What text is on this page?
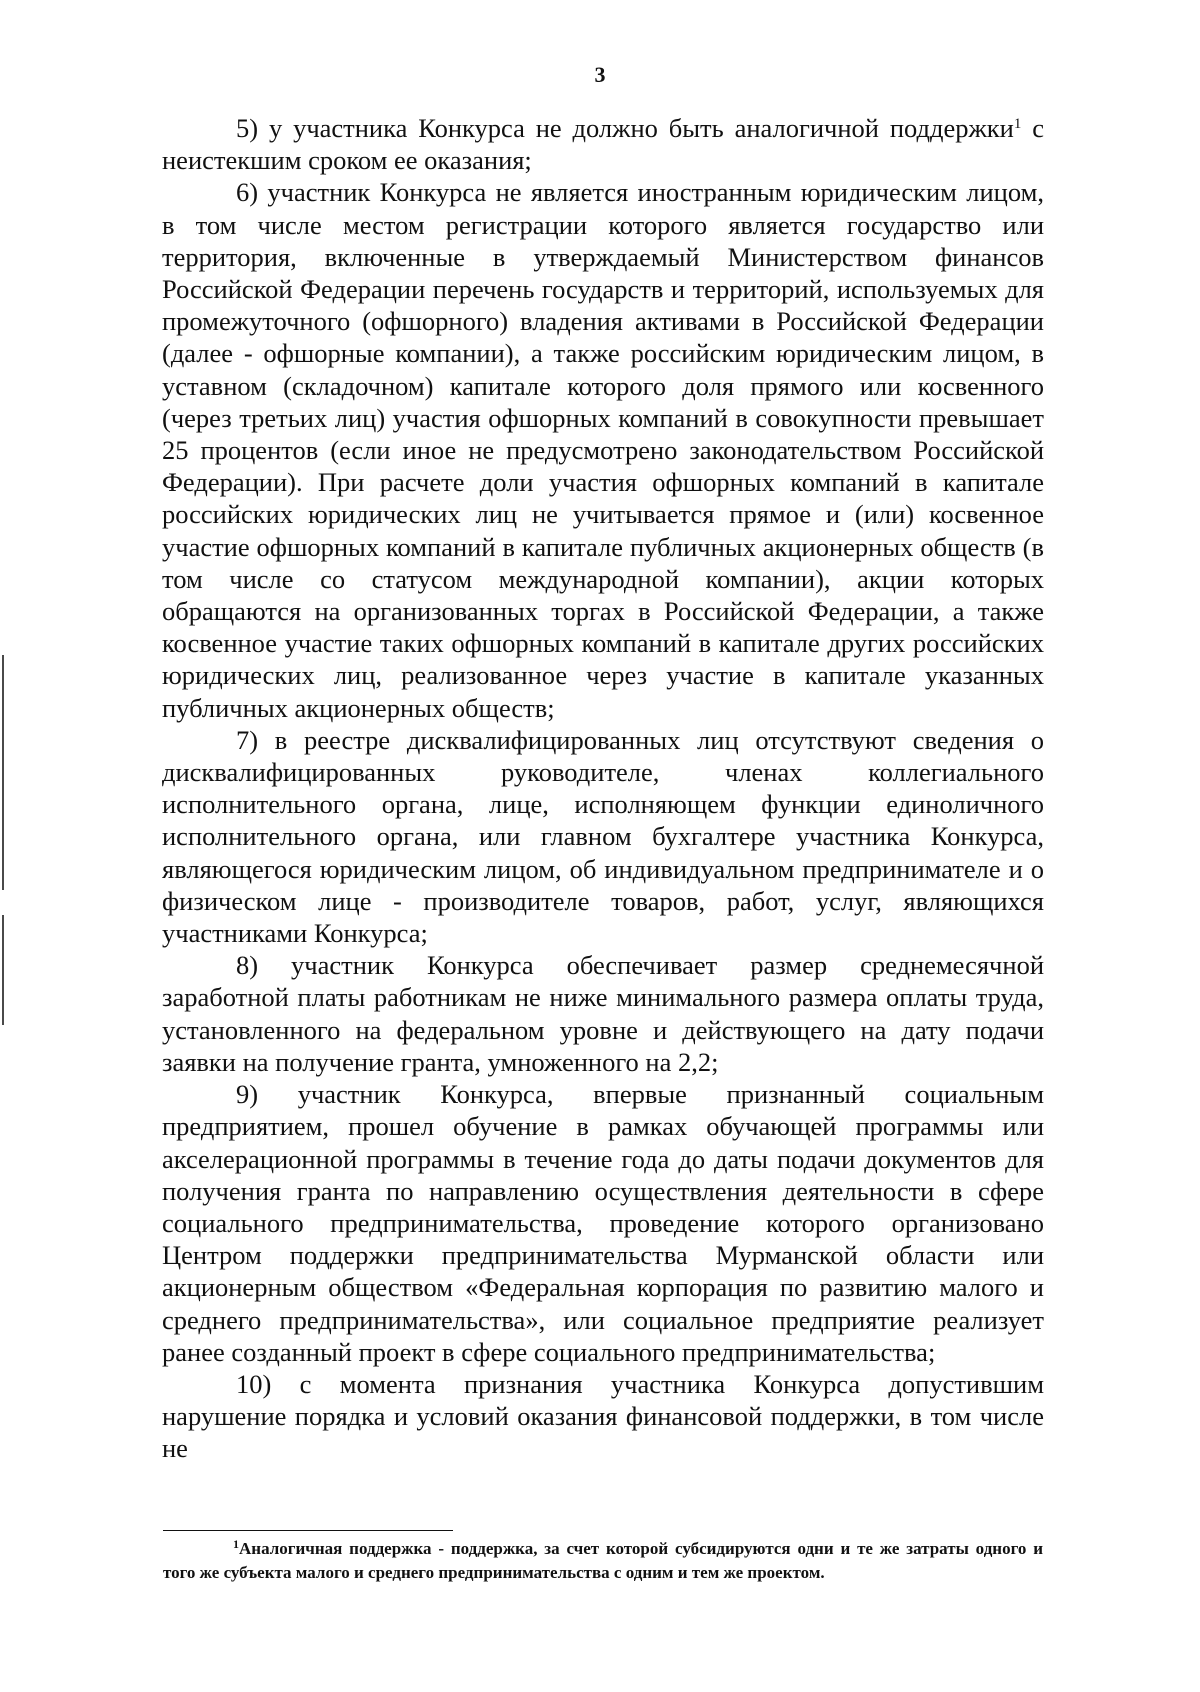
3

5) у участника Конкурса не должно быть аналогичной поддержки$^1$ с неистекшим сроком ее оказания;

6) участник Конкурса не является иностранным юридическим лицом, в том числе местом регистрации которого является государство или территория, включенные в утверждаемый Министерством финансов Российской Федерации перечень государств и территорий, используемых для промежуточного (офшорного) владения активами в Российской Федерации (далее - офшорные компании), а также российским юридическим лицом, в уставном (складочном) капитале которого доля прямого или косвенного (через третьих лиц) участия офшорных компаний в совокупности превышает 25 процентов (если иное не предусмотрено законодательством Российской Федерации). При расчете доли участия офшорных компаний в капитале российских юридических лиц не учитывается прямое и (или) косвенное участие офшорных компаний в капитале публичных акционерных обществ (в том числе со статусом международной компании), акции которых обращаются на организованных торгах в Российской Федерации, а также косвенное участие таких офшорных компаний в капитале других российских юридических лиц, реализованное через участие в капитале указанных публичных акционерных обществ;

7) в реестре дисквалифицированных лиц отсутствуют сведения о дисквалифицированных руководителе, членах коллегиального исполнительного органа, лице, исполняющем функции единоличного исполнительного органа, или главном бухгалтере участника Конкурса, являющегося юридическим лицом, об индивидуальном предпринимателе и о физическом лице - производителе товаров, работ, услуг, являющихся участниками Конкурса;

8) участник Конкурса обеспечивает размер среднемесячной заработной платы работникам не ниже минимального размера оплаты труда, установленного на федеральном уровне и действующего на дату подачи заявки на получение гранта, умноженного на 2,2;

9) участник Конкурса, впервые признанный социальным предприятием, прошел обучение в рамках обучающей программы или акселерационной программы в течение года до даты подачи документов для получения гранта по направлению осуществления деятельности в сфере социального предпринимательства, проведение которого организовано Центром поддержки предпринимательства Мурманской области или акционерным обществом «Федеральная корпорация по развитию малого и среднего предпринимательства», или социальное предприятие реализует ранее созданный проект в сфере социального предпринимательства;

10) с момента признания участника Конкурса допустившим нарушение порядка и условий оказания финансовой поддержки, в том числе не

$^1$Аналогичная поддержка - поддержка, за счет которой субсидируются одни и те же затраты одного и того же субъекта малого и среднего предпринимательства с одним и тем же проектом.
